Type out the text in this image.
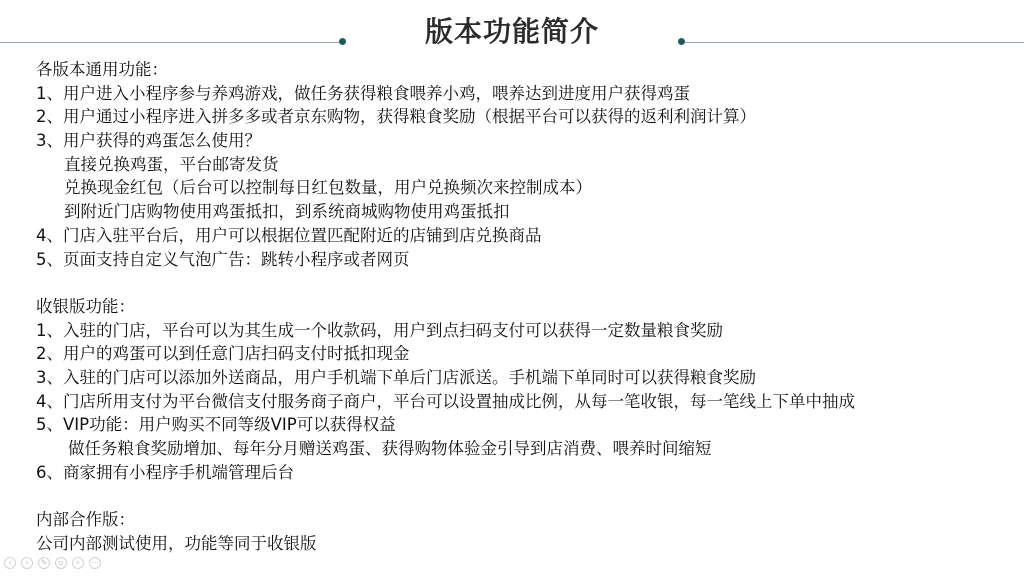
版本功能简介
各版本通用功能：
1、用户进入小程序参与养鸡游戏，做任务获得粮食喂养小鸡，喂养达到进度用户获得鸡蛋
2、用户通过小程序进入拼多多或者京东购物，获得粮食奖励（根据平台可以获得的返利利润计算）
3、用户获得的鸡蛋怎么使用？
直接兑换鸡蛋，平台邮寄发货
兑换现金红包（后台可以控制每日红包数量，用户兑换频次来控制成本）
到附近门店购物使用鸡蛋抵扣，到系统商城购物使用鸡蛋抵扣
4、门店入驻平台后，用户可以根据位置匹配附近的店铺到店兑换商品
5、页面支持自定义气泡广告：跳转小程序或者网页
收银版功能：
1、入驻的门店，平台可以为其生成一个收款码，用户到点扫码支付可以获得一定数量粮食奖励
2、用户的鸡蛋可以到任意门店扫码支付时抵扣现金
3、入驻的门店可以添加外送商品，用户手机端下单后门店派送。手机端下单同时可以获得粮食奖励
4、门店所用支付为平台微信支付服务商子商户，平台可以设置抽成比例，从每一笔收银，每一笔线上下单中抽成
5、VIP功能：用户购买不同等级VIP可以获得权益
做任务粮食奖励增加、每年分月赠送鸡蛋、获得购物体验金引导到店消费、喂养时间缩短
6、商家拥有小程序手机端管理后台
内部合作版：
公司内部测试使用，功能等同于收银版
‹	›	✎	▫	⌕	⋯
